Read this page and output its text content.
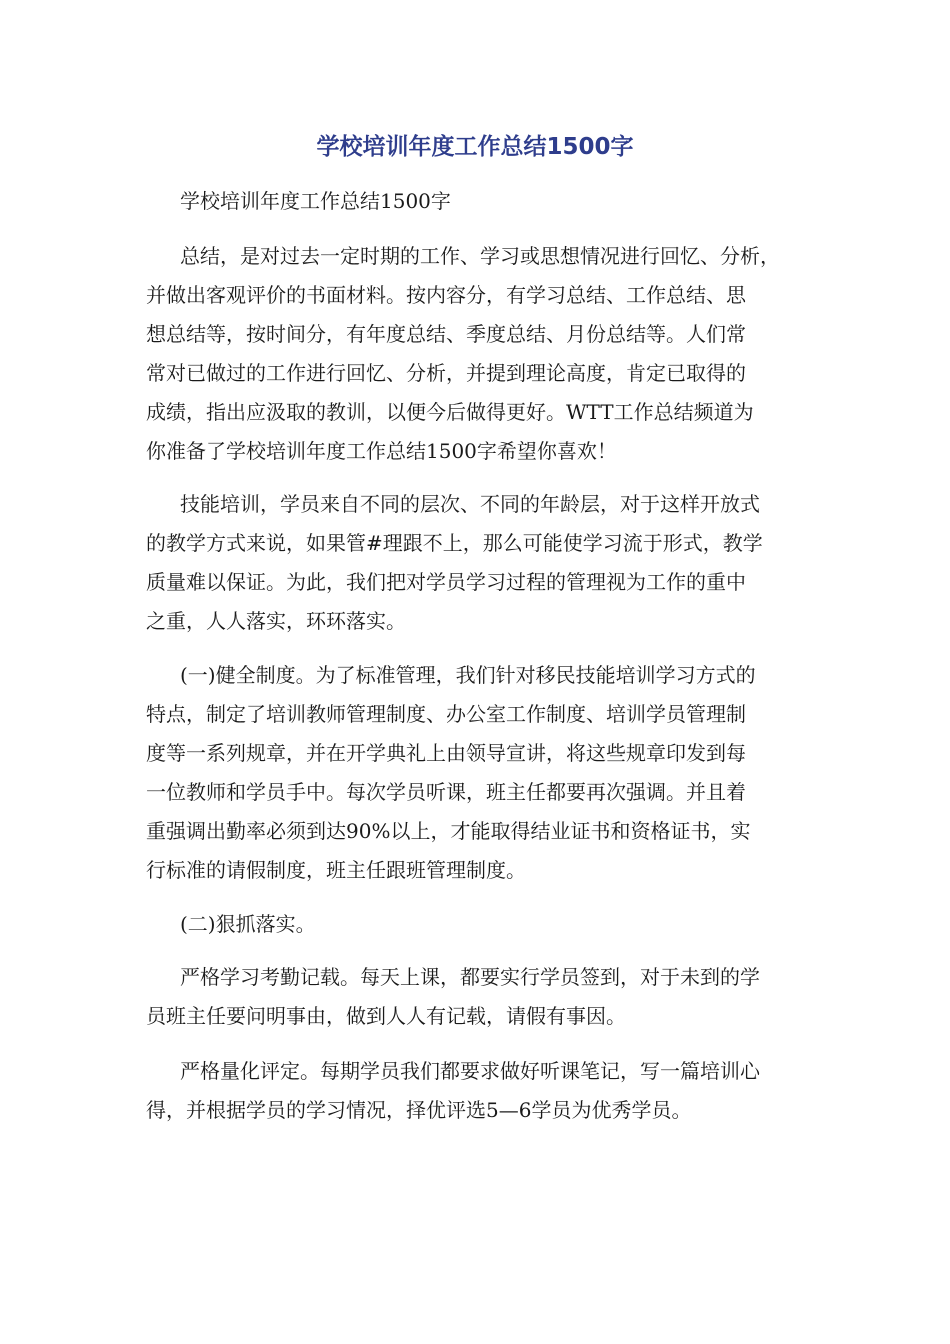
学校培训年度工作总结1500字
学校培训年度工作总结1500字
总结，是对过去一定时期的工作、学习或思想情况进行回忆、分析，
并做出客观评价的书面材料。按内容分，有学习总结、工作总结、思
想总结等，按时间分，有年度总结、季度总结、月份总结等。人们常
常对已做过的工作进行回忆、分析，并提到理论高度，肯定已取得的
成绩，指出应汲取的教训，以便今后做得更好。WTT工作总结频道为
你准备了学校培训年度工作总结1500字希望你喜欢！
技能培训，学员来自不同的层次、不同的年龄层，对于这样开放式
的教学方式来说，如果管#理跟不上，那么可能使学习流于形式，教学
质量难以保证。为此，我们把对学员学习过程的管理视为工作的重中
之重，人人落实，环环落实。
(一)健全制度。为了标准管理，我们针对移民技能培训学习方式的
特点，制定了培训教师管理制度、办公室工作制度、培训学员管理制
度等一系列规章，并在开学典礼上由领导宣讲，将这些规章印发到每
一位教师和学员手中。每次学员听课，班主任都要再次强调。并且着
重强调出勤率必须到达90%以上，才能取得结业证书和资格证书，实
行标准的请假制度，班主任跟班管理制度。
(二)狠抓落实。
严格学习考勤记载。每天上课，都要实行学员签到，对于未到的学
员班主任要问明事由，做到人人有记载，请假有事因。
严格量化评定。每期学员我们都要求做好听课笔记，写一篇培训心
得，并根据学员的学习情况，择优评选5—6学员为优秀学员。
